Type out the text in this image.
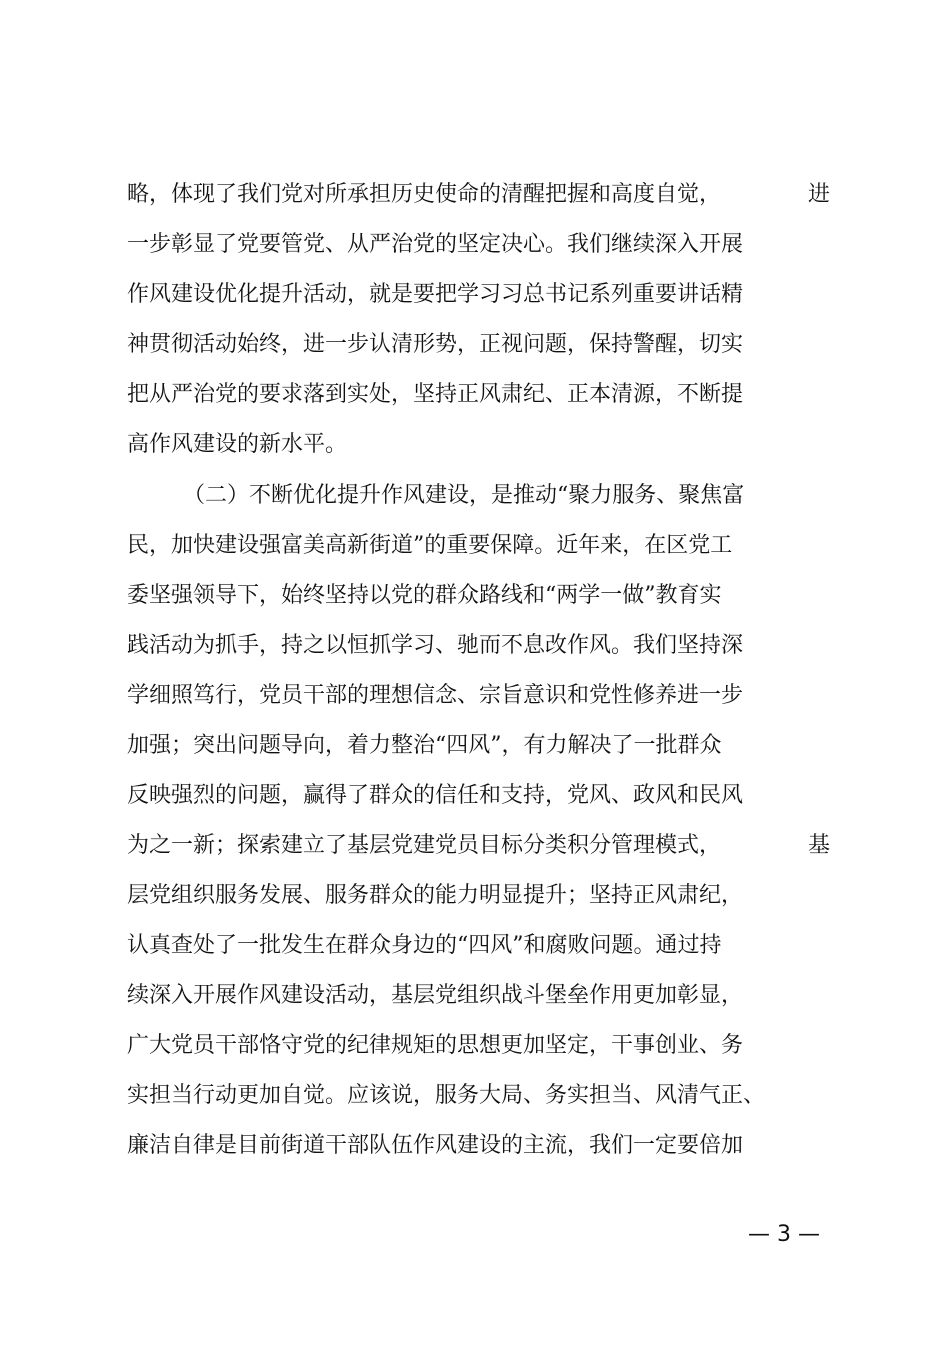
略，体现了我们党对所承担历史使命的清醒把握和高度自觉，	进
一步彰显了党要管党、从严治党的坚定决心。我们继续深入开展
作风建设优化提升活动，就是要把学习习总书记系列重要讲话精
神贯彻活动始终，进一步认清形势，正视问题，保持警醒，切实
把从严治党的要求落到实处，坚持正风肃纪、正本清源，不断提
高作风建设的新水平。
（二）不断优化提升作风建设，是推动“聚力服务、聚焦富
民，加快建设强富美高新街道”的重要保障。近年来，在区党工
委坚强领导下，始终坚持以党的群众路线和“两学一做”教育实
践活动为抓手，持之以恒抓学习、驰而不息改作风。我们坚持深
学细照笃行，党员干部的理想信念、宗旨意识和党性修养进一步
加强；突出问题导向，着力整治“四风”，有力解决了一批群众
反映强烈的问题，赢得了群众的信任和支持，党风、政风和民风
为之一新；探索建立了基层党建党员目标分类积分管理模式，	基
层党组织服务发展、服务群众的能力明显提升；坚持正风肃纪，
认真查处了一批发生在群众身边的“四风”和腐败问题。通过持
续深入开展作风建设活动，基层党组织战斗堡垒作用更加彰显，
广大党员干部恪守党的纪律规矩的思想更加坚定，干事创业、务
实担当行动更加自觉。应该说，服务大局、务实担当、风清气正、
廉洁自律是目前街道干部队伍作风建设的主流，我们一定要倍加
— 3 —
